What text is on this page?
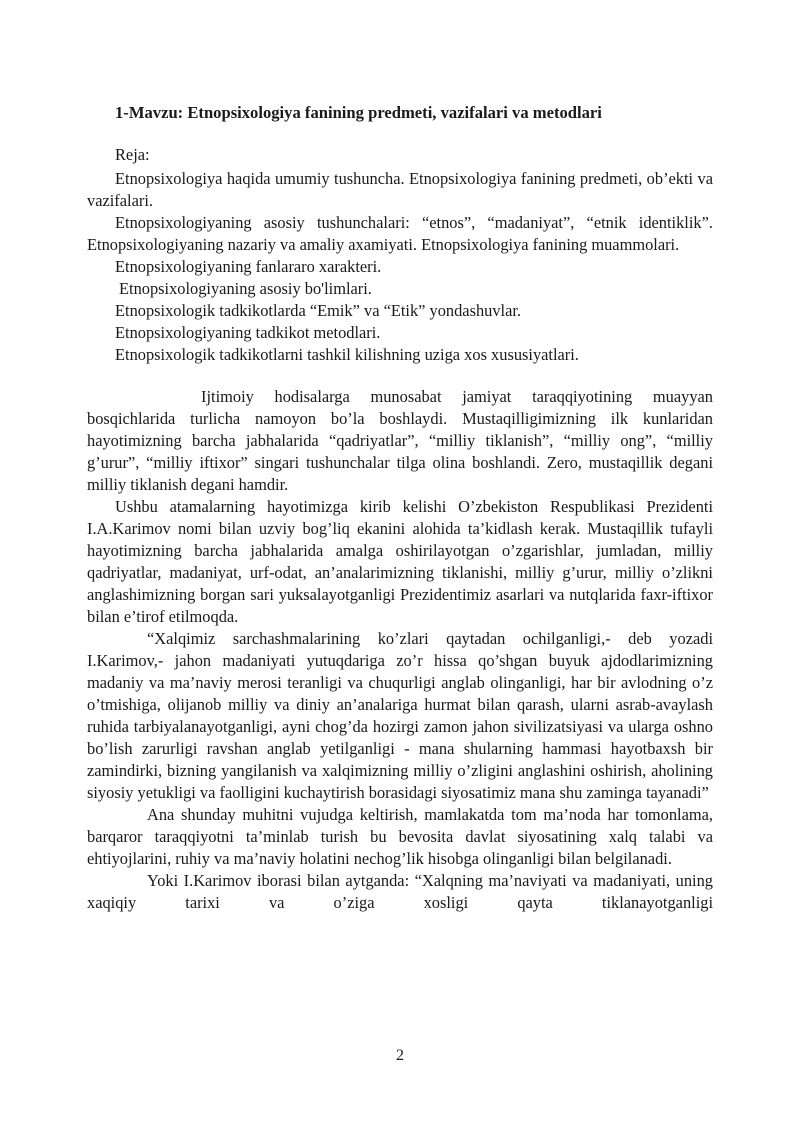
1-Mavzu: Etnopsixologiya fanining predmeti, vazifalari va metodlari
Reja:

Etnopsixologiya haqida umumiy tushuncha. Etnopsixologiya fanining predmeti, ob’ekti va vazifalari.

Etnopsixologiyaning asosiy tushunchalari: “etnos”, “madaniyat”, “etnik identiklik”. Etnopsixologiyaning nazariy va amaliy axamiyati. Etnopsixologiya fanining muammolari.

Etnopsixologiyaning fanlararo xarakteri.

Etnopsixologiyaning asosiy bo'limlari.

Etnopsixologik tadkikotlarda “Emik” va “Etik” yondashuvlar.

Etnopsixologiyaning tadkikot metodlari.

Etnopsixologik tadkikotlarni tashkil kilishning uziga xos xususiyatlari.

Ijtimoiy hodisalarga munosabat jamiyat taraqqiyotining muayyan bosqichlarida turlicha namoyon bo’la boshlaydi. Mustaqilligimizning ilk kunlaridan hayotimizning barcha jabhalarida “qadriyatlar”, “milliy tiklanish”, “milliy ong”, “milliy g’urur”, “milliy iftixor” singari tushunchalar tilga olina boshlandi. Zero, mustaqillik degani milliy tiklanish degani hamdir.

Ushbu atamalarning hayotimizga kirib kelishi O’zbekiston Respublikasi Prezidenti I.A.Karimov nomi bilan uzviy bog’liq ekanini alohida ta’kidlash kerak. Mustaqillik tufayli hayotimizning barcha jabhalarida amalga oshirilayotgan o’zgarishlar, jumladan, milliy qadriyatlar, madaniyat, urf-odat, an’analarimizning tiklanishi, milliy g’urur, milliy o’zlikni anglashimizning borgan sari yuksalayotganligi Prezidentimiz asarlari va nutqlarida faxr-iftixor bilan e’tirof etilmoqda.

“Xalqimiz sarchashmalarining ko’zlari qaytadan ochilganligi,- deb yozadi I.Karimov,- jahon madaniyati yutuqdariga zo’r hissa qo’shgan buyuk ajdodlarimizning madaniy va ma’naviy merosi teranligi va chuqurligi anglab olinganligi, har bir avlodning o’z o’tmishiga, olijanob milliy va diniy an’analariga hurmat bilan qarash, ularni asrab-avaylash ruhida tarbiyalanayotganligi, ayni chog’da hozirgi zamon jahon sivilizatsiyasi va ularga oshno bo’lish zarurligi ravshan anglab yetilganligi - mana shularning hammasi hayotbaxsh bir zamindirki, bizning yangilanish va xalqimizning milliy o’zligini anglashini oshirish, aholining siyosiy yetukligi va faolligini kuchaytirish borasidagi siyosatimiz mana shu zaminga tayanadi”

Ana shunday muhitni vujudga keltirish, mamlakatda tom ma’noda har tomonlama, barqaror taraqqiyotni ta’minlab turish bu bevosita davlat siyosatining xalq talabi va ehtiyojlarini, ruhiy va ma’naviy holatini nechog’lik hisobga olinganligi bilan belgilanadi.

Yoki I.Karimov iborasi bilan aytganda: “Xalqning ma’naviyati va madaniyati, uning xaqiqiy tarixi va o’ziga xosligi qayta tiklanayotganligi

2
